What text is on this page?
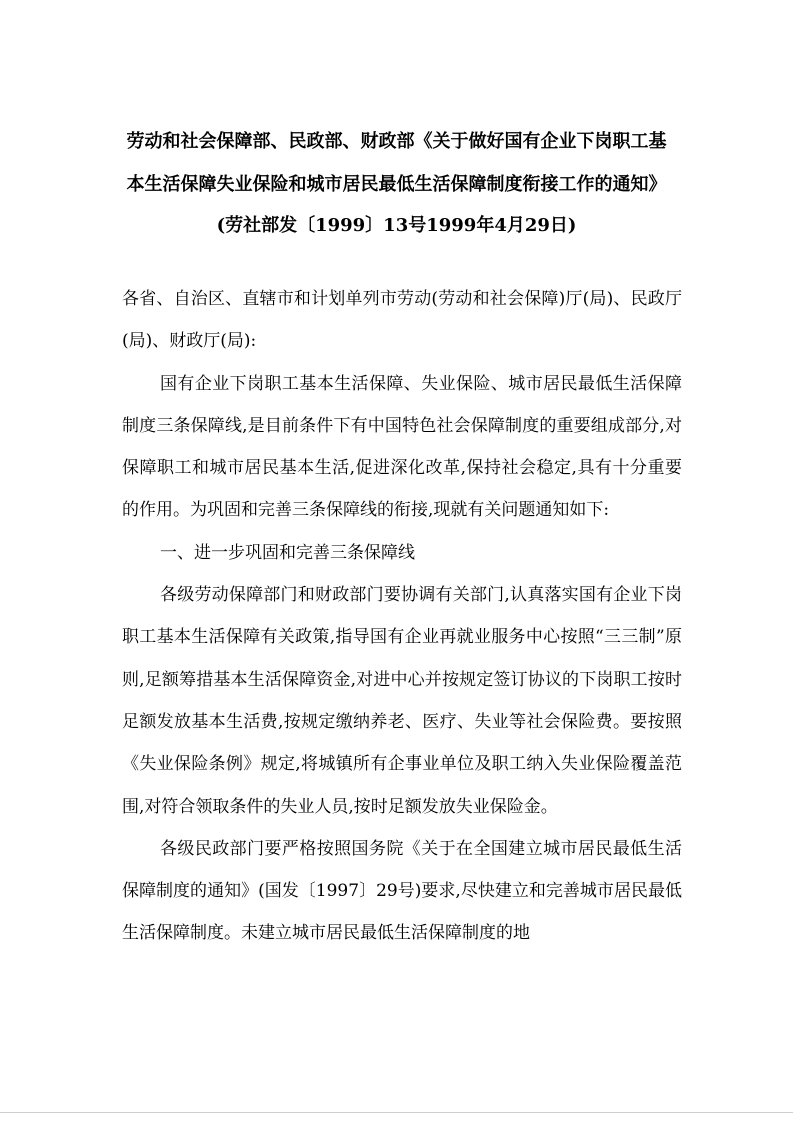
劳动和社会保障部、民政部、财政部《关于做好国有企业下岗职工基
本生活保障失业保险和城市居民最低生活保障制度衔接工作的通知》
(劳社部发〔1999〕13号1999年4月29日)

各省、自治区、直辖市和计划单列市劳动(劳动和社会保障)厅(局)、民政厅(局)、财政厅(局):

国有企业下岗职工基本生活保障、失业保险、城市居民最低生活保障制度三条保障线,是目前条件下有中国特色社会保障制度的重要组成部分,对保障职工和城市居民基本生活,促进深化改革,保持社会稳定,具有十分重要的作用。为巩固和完善三条保障线的衔接,现就有关问题通知如下:

一、进一步巩固和完善三条保障线

各级劳动保障部门和财政部门要协调有关部门,认真落实国有企业下岗职工基本生活保障有关政策,指导国有企业再就业服务中心按照“三三制”原则,足额筹措基本生活保障资金,对进中心并按规定签订协议的下岗职工按时足额发放基本生活费,按规定缴纳养老、医疗、失业等社会保险费。要按照《失业保险条例》规定,将城镇所有企事业单位及职工纳入失业保险覆盖范围,对符合领取条件的失业人员,按时足额发放失业保险金。

各级民政部门要严格按照国务院《关于在全国建立城市居民最低生活保障制度的通知》(国发〔1997〕29号)要求,尽快建立和完善城市居民最低生活保障制度。未建立城市居民最低生活保障制度的地
